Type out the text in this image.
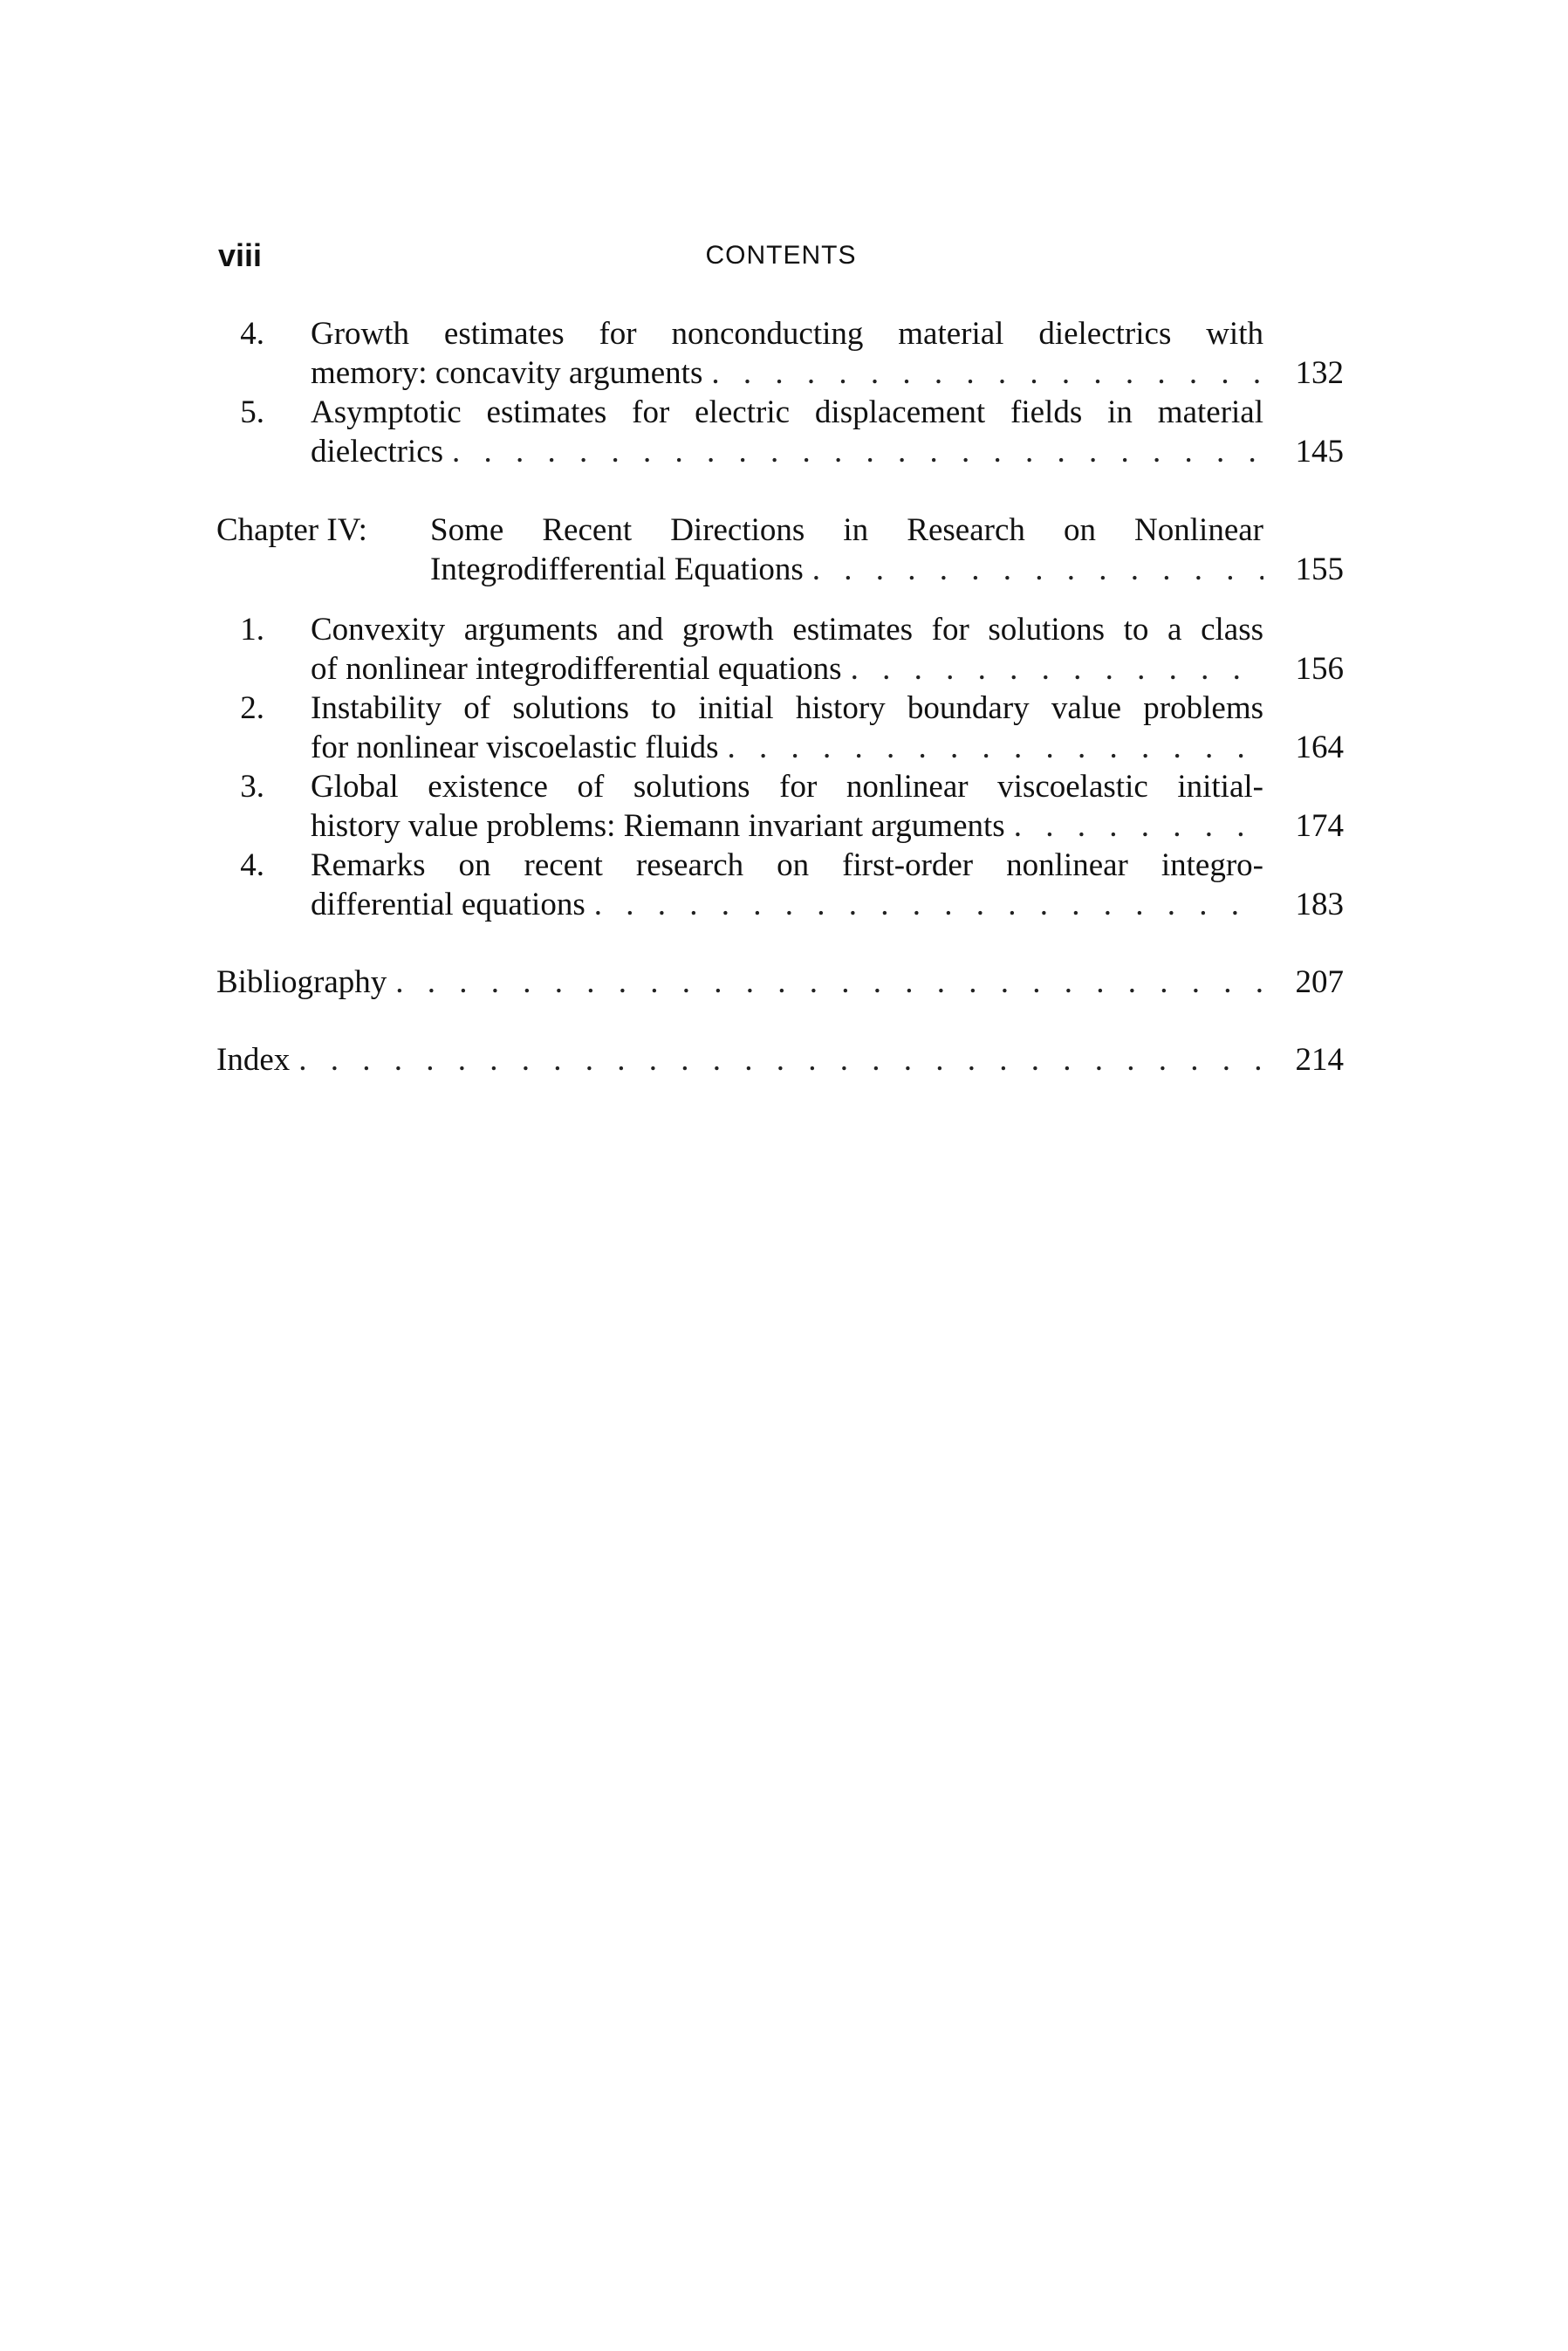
viii	CONTENTS
4. Growth estimates for nonconducting material dielectrics with
memory: concavity arguments . . .	132
5. Asymptotic estimates for electric displacement fields in material
dielectrics . . .	145
Chapter IV: Some Recent Directions in Research on Nonlinear
Integrodifferential Equations . . .	155
1. Convexity arguments and growth estimates for solutions to a class
of nonlinear integrodifferential equations . . .	156
2. Instability of solutions to initial history boundary value problems
for nonlinear viscoelastic fluids . . .	164
3. Global existence of solutions for nonlinear viscoelastic initial-
history value problems: Riemann invariant arguments . . .	174
4. Remarks on recent research on first-order nonlinear integro-
differential equations . . .	183
Bibliography . . .	207
Index . . .	214
